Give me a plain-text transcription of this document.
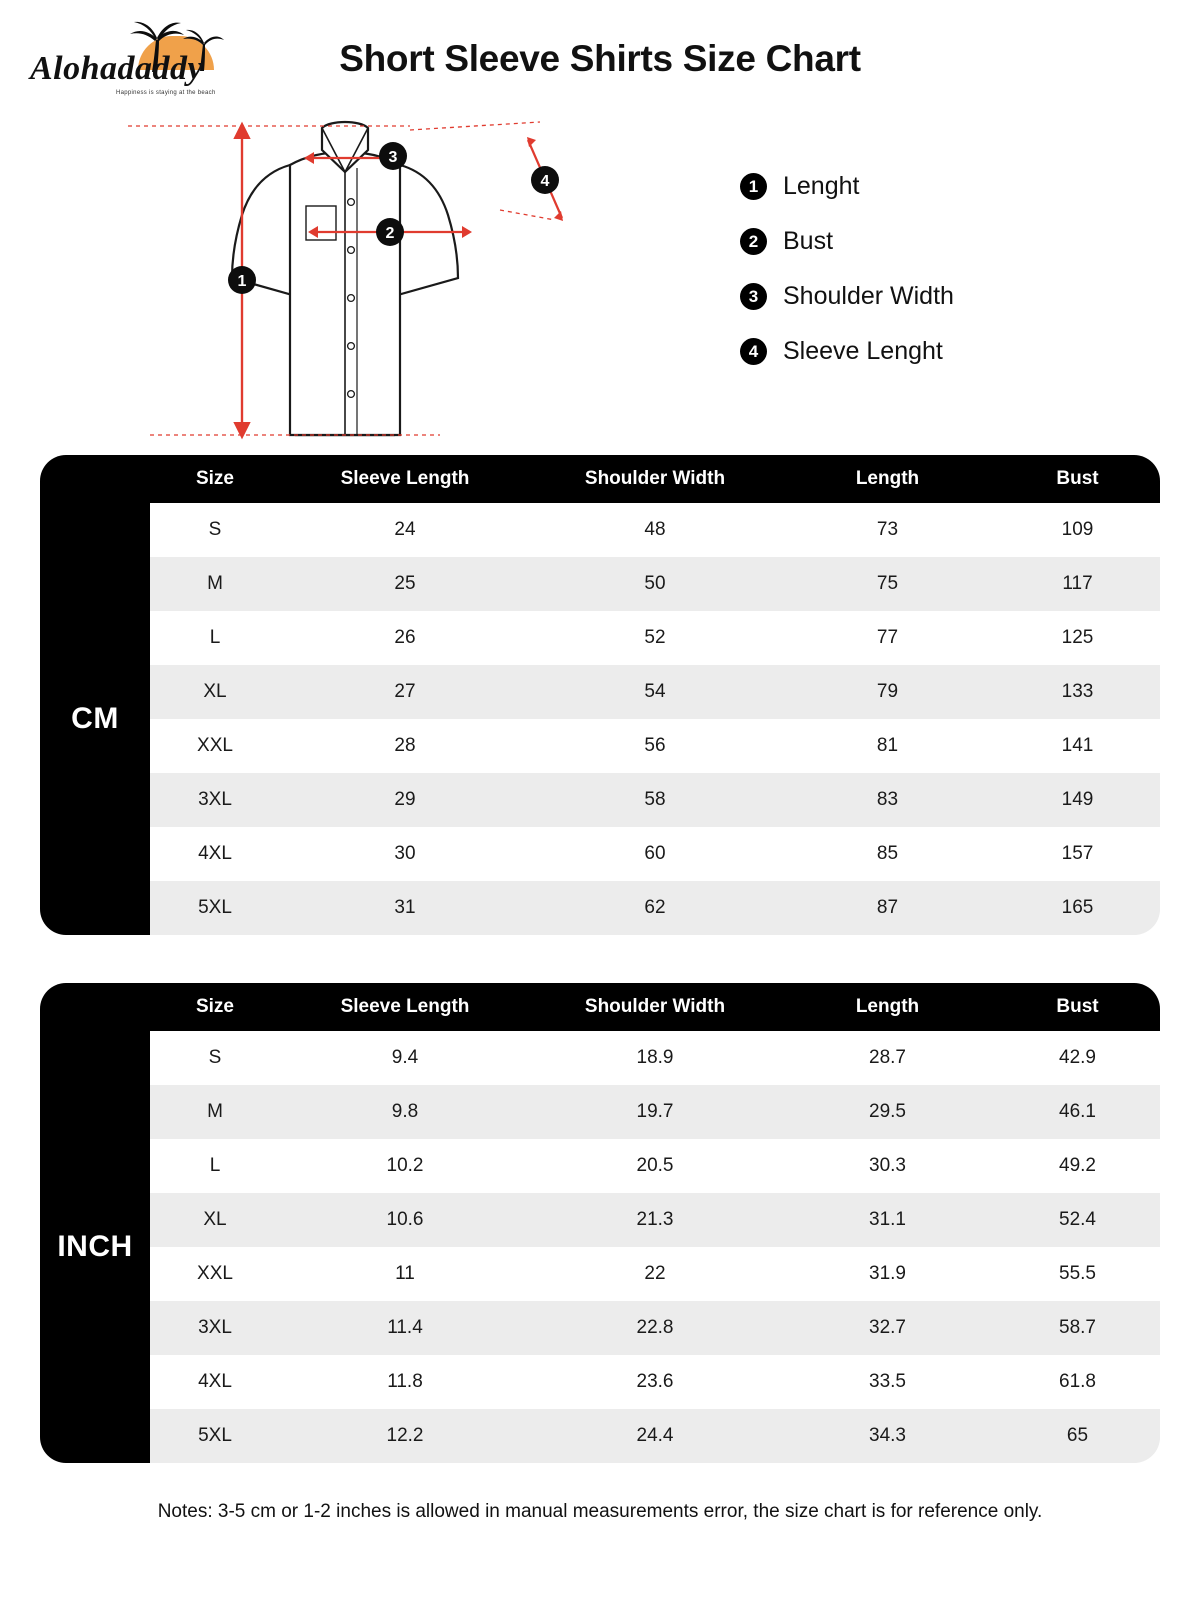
Alohadaddy
Happiness is staying at the beach
Short Sleeve Shirts Size Chart
1
2
3
4	1 Lenght
2 Bust
3 Shoulder Width
4 Sleeve Lenght
	Size	Sleeve Length	Shoulder Width	Length	Bust
CM	S	24	48	73	109
	M	25	50	75	117
	L	26	52	77	125
	XL	27	54	79	133
	XXL	28	56	81	141
	3XL	29	58	83	149
	4XL	30	60	85	157
	5XL	31	62	87	165
	Size	Sleeve Length	Shoulder Width	Length	Bust
INCH	S	9.4	18.9	28.7	42.9
	M	9.8	19.7	29.5	46.1
	L	10.2	20.5	30.3	49.2
	XL	10.6	21.3	31.1	52.4
	XXL	11	22	31.9	55.5
	3XL	11.4	22.8	32.7	58.7
	4XL	11.8	23.6	33.5	61.8
	5XL	12.2	24.4	34.3	65
Notes: 3-5 cm or 1-2 inches is allowed in manual measurements error, the size chart is for reference only.
